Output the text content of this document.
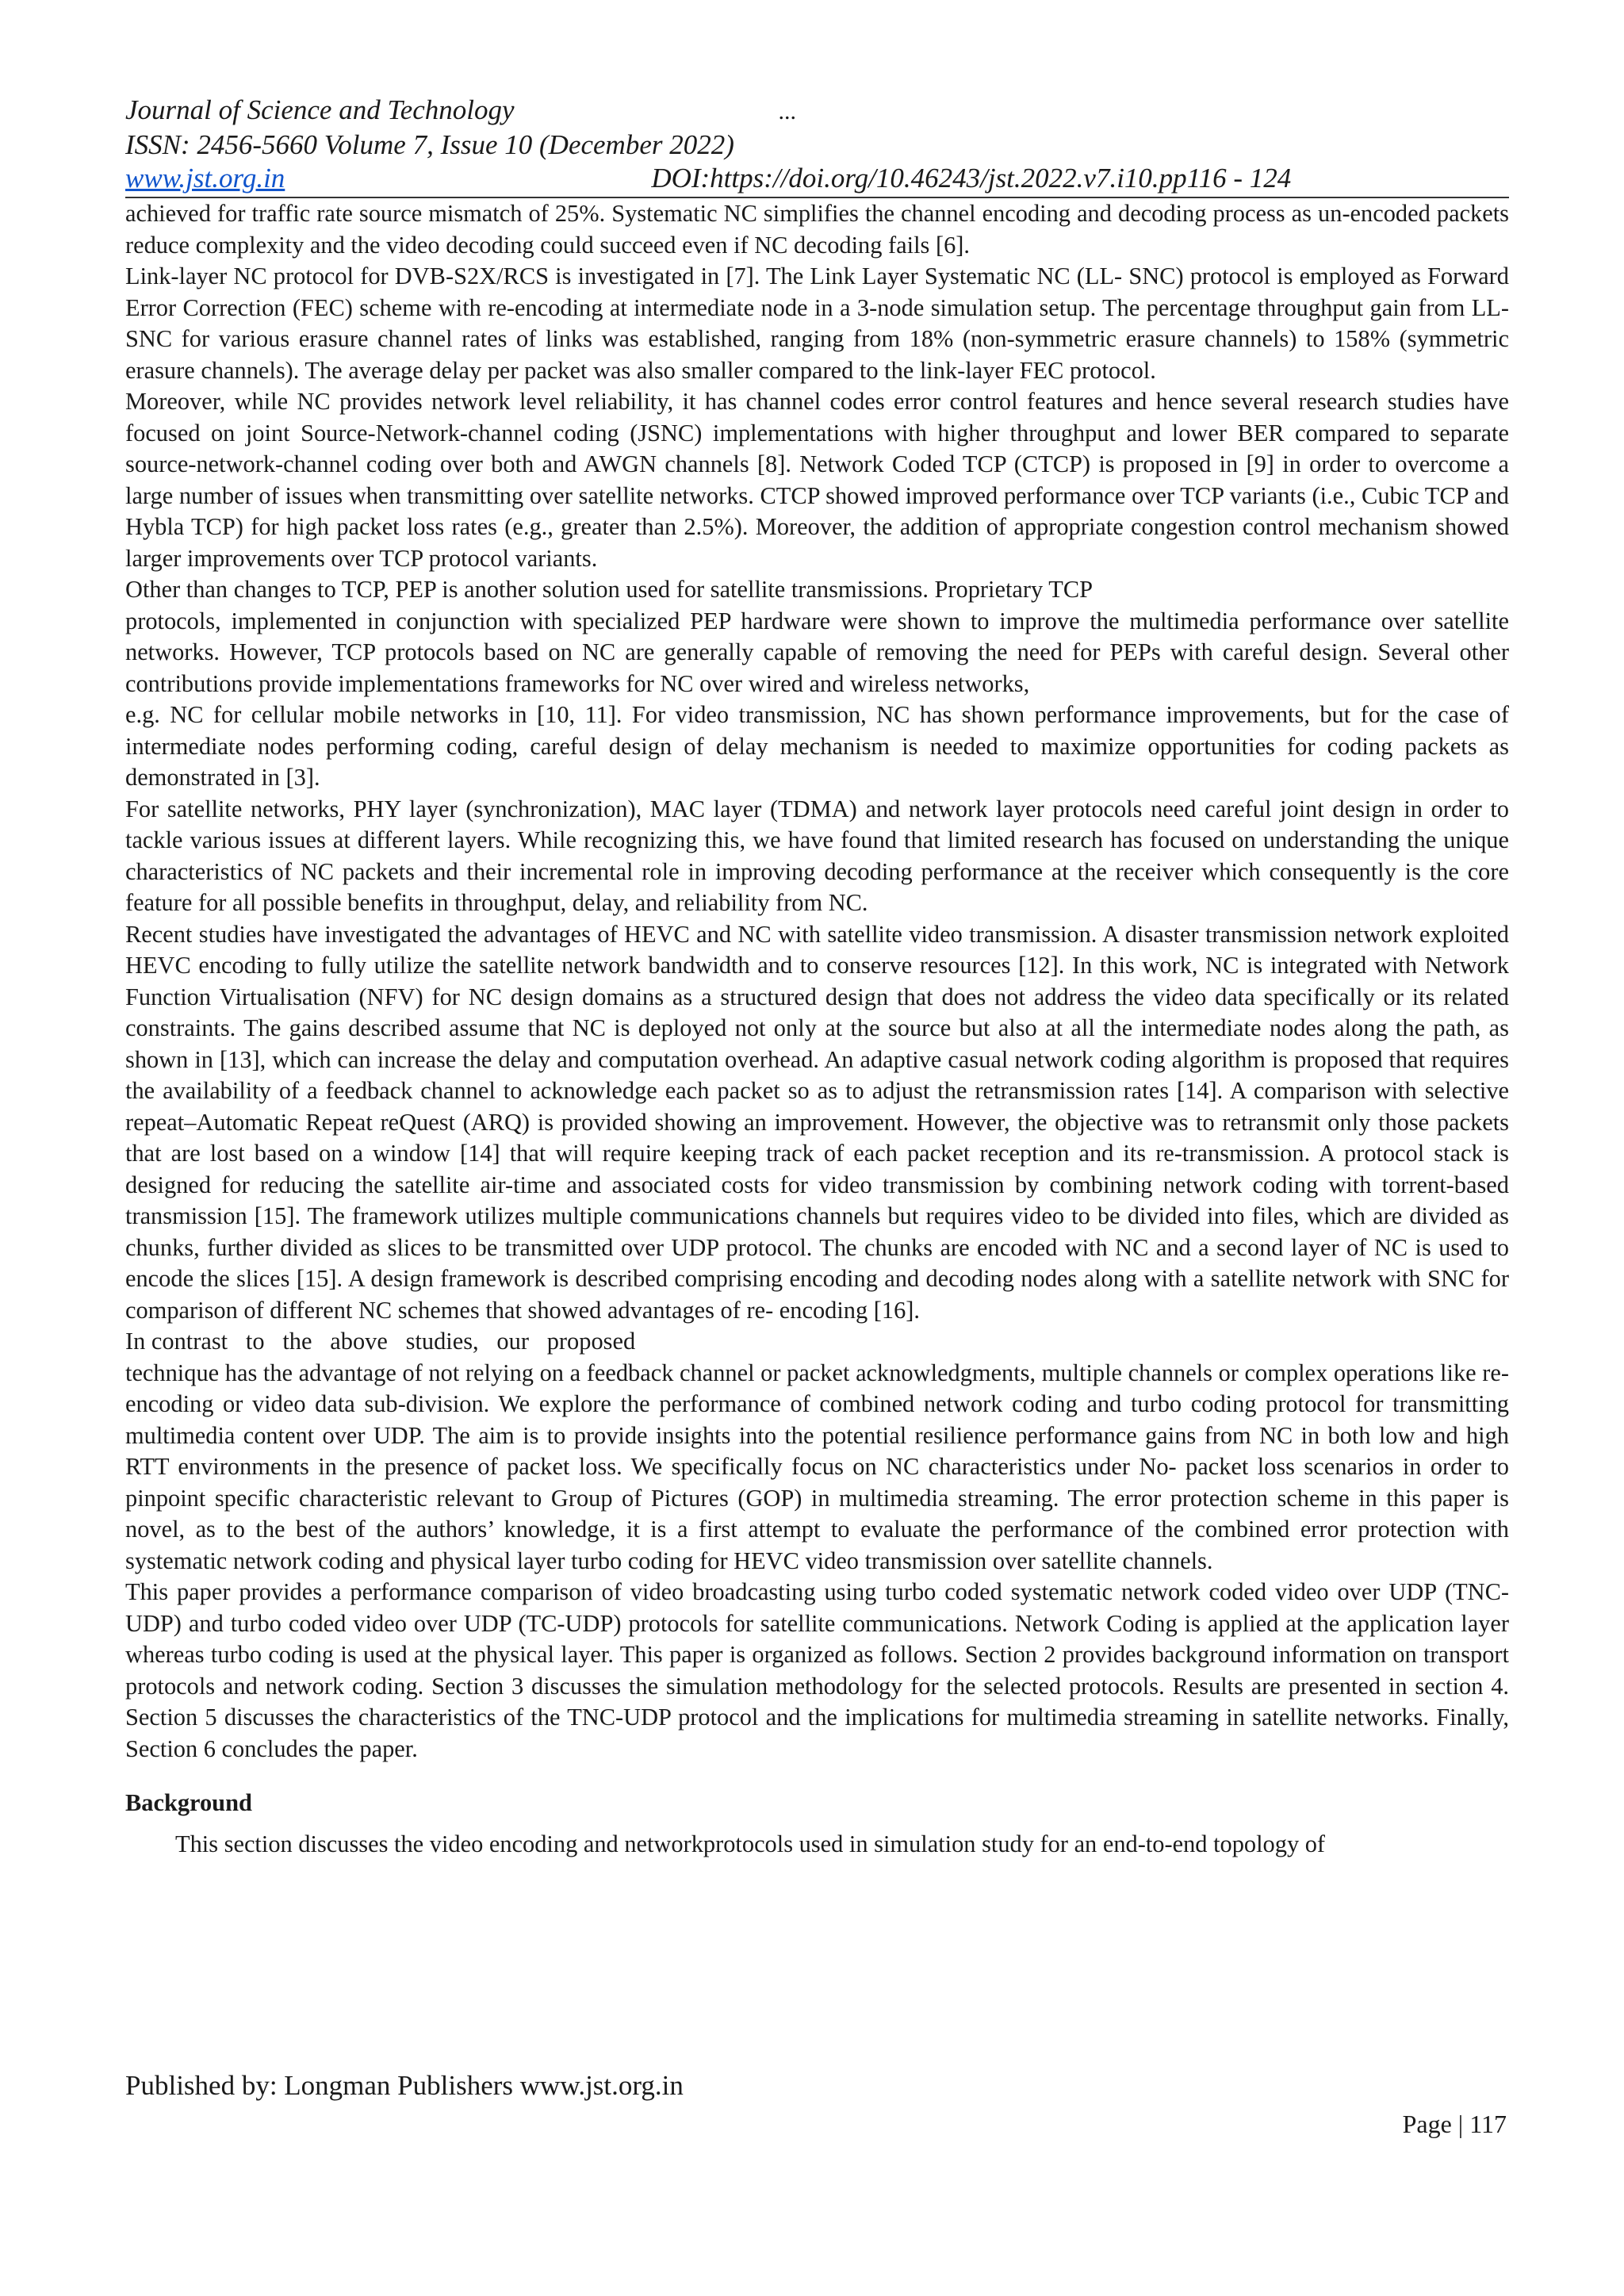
Journal of Science and Technology	...
ISSN: 2456-5660 Volume 7, Issue 10 (December 2022)
www.jst.org.in	DOI:https://doi.org/10.46243/jst.2022.v7.i10.pp116 - 124

achieved for traffic rate source mismatch of 25%. Systematic NC simplifies the channel encoding and decoding process as un-encoded packets reduce complexity and the video decoding could succeed even if NC decoding fails [6].

Link-layer NC protocol for DVB-S2X/RCS is investigated in [7]. The Link Layer Systematic NC (LL- SNC) protocol is employed as Forward Error Correction (FEC) scheme with re-encoding at intermediate node in a 3-node simulation setup. The percentage throughput gain from LL-SNC for various erasure channel rates of links was established, ranging from 18% (non-symmetric erasure channels) to 158% (symmetric erasure channels). The average delay per packet was also smaller compared to the link-layer FEC protocol.

Moreover, while NC provides network level reliability, it has channel codes error control features and hence several research studies have focused on joint Source-Network-channel coding (JSNC) implementations with higher throughput and lower BER compared to separate source-network-channel coding over both and AWGN channels [8]. Network Coded TCP (CTCP) is proposed in [9] in order to overcome a large number of issues when transmitting over satellite networks. CTCP showed improved performance over TCP variants (i.e., Cubic TCP and Hybla TCP) for high packet loss rates (e.g., greater than 2.5%). Moreover, the addition of appropriate congestion control mechanism showed larger improvements over TCP protocol variants.

Other than changes to TCP, PEP is another solution used for satellite transmissions. Proprietary TCP

protocols, implemented in conjunction with specialized PEP hardware were shown to improve the multimedia performance over satellite networks. However, TCP protocols based on NC are generally capable of removing the need for PEPs with careful design. Several other contributions provide implementations frameworks for NC over wired and wireless networks,

e.g. NC for cellular mobile networks in [10, 11]. For video transmission, NC has shown performance improvements, but for the case of intermediate nodes performing coding, careful design of delay mechanism is needed to maximize opportunities for coding packets as demonstrated in [3].

For satellite networks, PHY layer (synchronization), MAC layer (TDMA) and network layer protocols need careful joint design in order to tackle various issues at different layers. While recognizing this, we have found that limited research has focused on understanding the unique characteristics of NC packets and their incremental role in improving decoding performance at the receiver which consequently is the core feature for all possible benefits in throughput, delay, and reliability from NC.

Recent studies have investigated the advantages of HEVC and NC with satellite video transmission. A disaster transmission network exploited HEVC encoding to fully utilize the satellite network bandwidth and to conserve resources [12]. In this work, NC is integrated with Network Function Virtualisation (NFV) for NC design domains as a structured design that does not address the video data specifically or its related constraints. The gains described assume that NC is deployed not only at the source but also at all the intermediate nodes along the path, as shown in [13], which can increase the delay and computation overhead. An adaptive casual network coding algorithm is proposed that requires the availability of a feedback channel to acknowledge each packet so as to adjust the retransmission rates [14]. A comparison with selective repeat–Automatic Repeat reQuest (ARQ) is provided showing an improvement. However, the objective was to retransmit only those packets that are lost based on a window [14] that will require keeping track of each packet reception and its re-transmission. A protocol stack is designed for reducing the satellite air-time and associated costs for video transmission by combining network coding with torrent-based transmission [15]. The framework utilizes multiple communications channels but requires video to be divided into files, which are divided as chunks, further divided as slices to be transmitted over UDP protocol. The chunks are encoded with NC and a second layer of NC is used to encode the slices [15]. A design framework is described comprising encoding and decoding nodes along with a satellite network with SNC for comparison of different NC schemes that showed advantages of re- encoding [16].

In contrast   to   the   above   studies,   our   proposed

technique has the advantage of not relying on a feedback channel or packet acknowledgments, multiple channels or complex operations like re-encoding or video data sub-division. We explore the performance of combined network coding and turbo coding protocol for transmitting multimedia content over UDP. The aim is to provide insights into the potential resilience performance gains from NC in both low and high RTT environments in the presence of packet loss. We specifically focus on NC characteristics under No- packet loss scenarios in order to pinpoint specific characteristic relevant to Group of Pictures (GOP) in multimedia streaming. The error protection scheme in this paper is novel, as to the best of the authors’ knowledge, it is a first attempt to evaluate the performance of the combined error protection with systematic network coding and physical layer turbo coding for HEVC video transmission over satellite channels.

This paper provides a performance comparison of video broadcasting using turbo coded systematic network coded video over UDP (TNC-UDP) and turbo coded video over UDP (TC-UDP) protocols for satellite communications. Network Coding is applied at the application layer whereas turbo coding is used at the physical layer. This paper is organized as follows. Section 2 provides background information on transport protocols and network coding. Section 3 discusses the simulation methodology for the selected protocols. Results are presented in section 4. Section 5 discusses the characteristics of the TNC-UDP protocol and the implications for multimedia streaming in satellite networks. Finally, Section 6 concludes the paper.

Background

This section discusses the video encoding and networkprotocols used in simulation study for an end-to-end topology of

Published by: Longman Publishers www.jst.org.in
Page | 117
